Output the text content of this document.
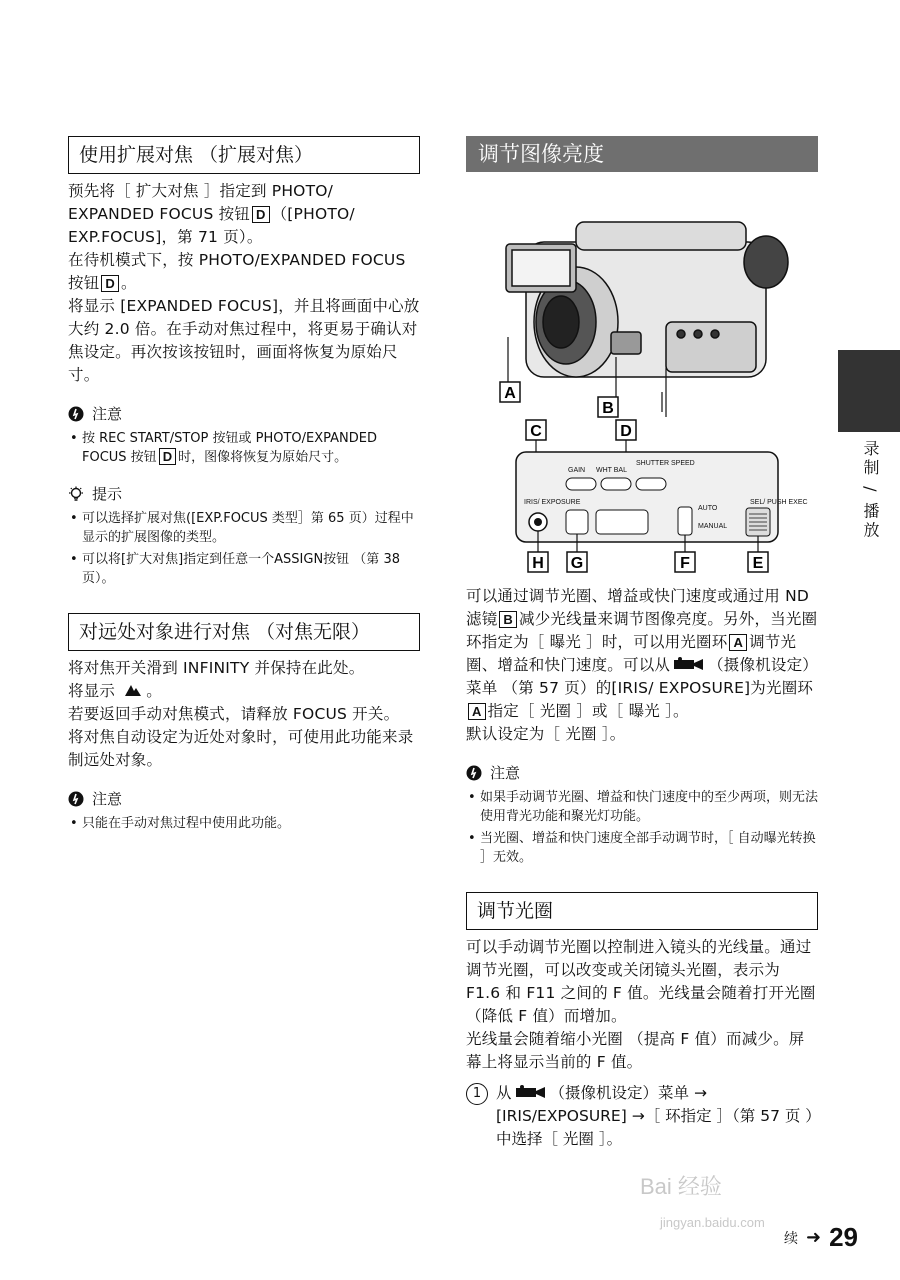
使用扩展对焦 （扩展对焦）

预先将［ 扩大对焦 ］指定到 PHOTO/ EXPANDED FOCUS 按钮 D （[PHOTO/ EXP.FOCUS]，第 71 页）。

在待机模式下，按 PHOTO/EXPANDED FOCUS 按钮 D 。

将显示 [EXPANDED FOCUS]，并且将画面中心放大约 2.0 倍。在手动对焦过程中，将更易于确认对焦设定。再次按该按钮时，画面将恢复为原始尺寸。

注意
• 按 REC START/STOP 按钮或 PHOTO/EXPANDED FOCUS 按钮 D 时，图像将恢复为原始尺寸。
提示
• 可以选择扩展对焦([EXP.FOCUS 类型］第 65 页）过程中显示的扩展图像的类型。
• 可以将[扩大对焦]指定到任意一个ASSIGN按钮 （第 38 页）。
对远处对象进行对焦 （对焦无限）

将对焦开关滑到 INFINITY 并保持在此处。

将显示 。

若要返回手动对焦模式，请释放 FOCUS 开关。

将对焦自动设定为近处对象时，可使用此功能来录制远处对象。

注意
• 只能在手动对焦过程中使用此功能。
调节图像亮度
A
B
C	D
GAIN WHT BAL
SHUTTER SPEED
IRIS/ EXPOSURE
AUTO
MANUAL
SEL/ PUSH EXEC
H G	F	E

可以通过调节光圈、增益或快门速度或通过用 ND 滤镜 B 减少光线量来调节图像亮度。另外，当光圈环指定为［ 曝光 ］时，可以用光圈环 A 调节光圈、增益和快门速度。可以从 （摄像机设定）菜单 （第 57 页）的[IRIS/ EXPOSURE]为光圈环A 指定［ 光圈 ］或［ 曝光 ］。

默认设定为［ 光圈 ］。

注意
• 如果手动调节光圈、增益和快门速度中的至少两项，则无法使用背光功能和聚光灯功能。
• 当光圈、增益和快门速度全部手动调节时，［ 自动曝光转换 ］无效。
调节光圈

可以手动调节光圈以控制进入镜头的光线量。通过调节光圈，可以改变或关闭镜头光圈，表示为 F1.6 和 F11 之间的 F 值。光线量会随着打开光圈 （降低 F 值）而增加。

光线量会随着缩小光圈 （提高 F 值）而减少。屏幕上将显示当前的 F 值。

1 从 （摄像机设定）菜单 → [IRIS/EXPOSURE] →［ 环指定 ］（第 57 页 ）中选择［ 光圈 ］。
录制 / 播放
Bai 经验
jingyan.baidu.com
续 ➜ 29
